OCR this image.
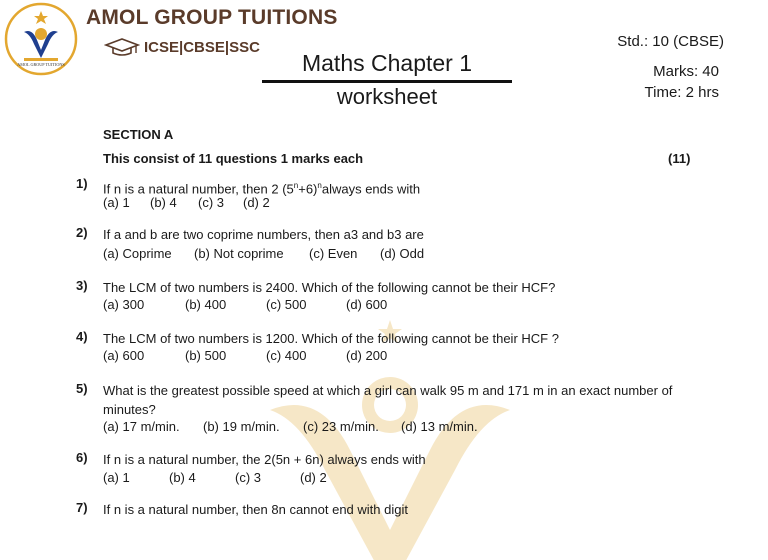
AMOL GROUP TUITIONS
AMOL GROUP TUITIONS
ICSE|CBSE|SSC
Maths Chapter 1
worksheet
Std.: 10 (CBSE)
Marks: 40
Time: 2 hrs
SECTION A
This consist of 11 questions 1 marks each	(11)
1) If n is a natural number, then 2 $(5^n+6)^nalways$ ends with
(a) 1 (b) 4 (c) 3 (d) 2
2) If a and b are two coprime numbers, then a3 and b3 are
(a) Coprime (b) Not coprime (c) Even (d) Odd
3) The LCM of two numbers is 2400. Which of the following cannot be their HCF?
(a) 300	(b) 400	(c) 500	(d) 600
4) The LCM of two numbers is 1200. Which of the following cannot be their HCF ?
(a) 600	(b) 500	(c) 400	(d) 200
5) What is the greatest possible speed at which a girl can walk 95 m and 171 m in an exact number of minutes?
(a) 17 m/min. (b) 19 m/min. (c) 23 m/min. (d) 13 m/min.
6) If n is a natural number, the 2(5n + 6n) always ends with
(a) 1	(b) 4	(c) 3	(d) 2
7) If n is a natural number, then 8n cannot end with digit
